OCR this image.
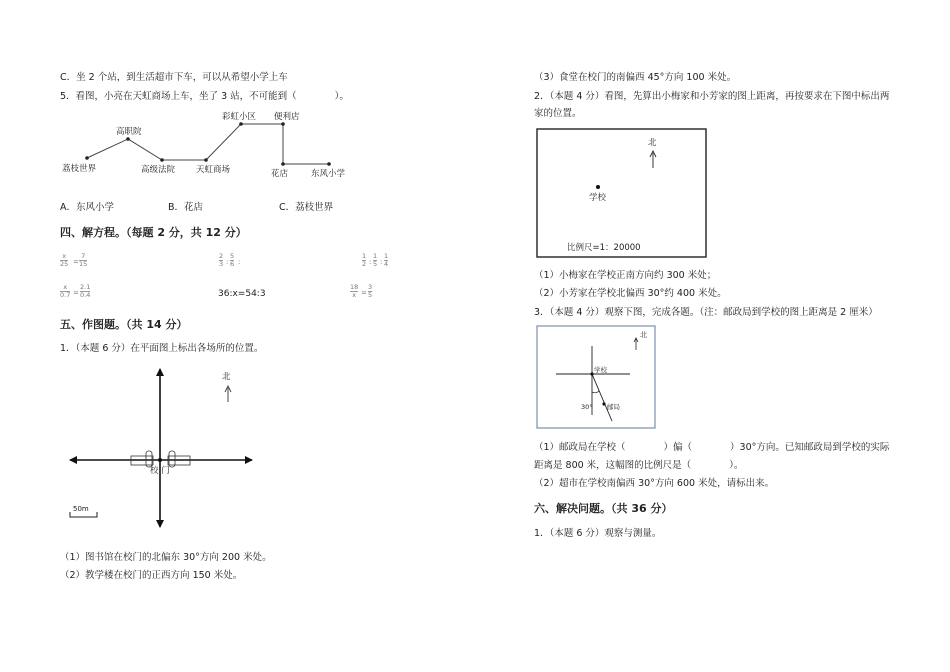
C．坐 2 个站，到生活超市下车，可以从希望小学上车
5．看图，小亮在天虹商场上车，坐了 3 站，不可能到（　　　　）。
荔枝世界
高职院
高级法院 天虹商场
彩虹小区 便利店
花店	东风小学
A．东风小学	B．花店	C．荔枝世界
四、解方程。（每题 2 分，共 12 分）
$\frac{x}{25} = \frac{7}{15}$	$\frac{2}{3}$ : $\frac{5}{6}$ :	$\frac{1}{2}$ : $\frac{1}{5}$ : $\frac{1}{4}$
$\frac{x}{0.7} = \frac{2.1}{0.4}$	36:x=54:3	$\frac{18}{x} = \frac{3}{5}$
五、作图题。（共 14 分）
1．（本题 6 分）在平面图上标出各场所的位置。
北
校 门
50m
（1）图书馆在校门的北偏东 30°方向 200 米处。
（2）教学楼在校门的正西方向 150 米处。
（3）食堂在校门的南偏西 45°方向 100 米处。
2．（本题 4 分）看图，先算出小梅家和小芳家的图上距离，再按要求在下图中标出两
家的位置。
北
学校
比例尺=1：20000
（1）小梅家在学校正南方向约 300 米处；
（2）小芳家在学校北偏西 30°约 400 米处。
3．（本题 4 分）观察下图，完成各题。（注：邮政局到学校的图上距离是 2 厘米）
北
学校
邮局
30°
（1）邮政局在学校（　　　　）偏（　　　　）30°方向。已知邮政局到学校的实际
距离是 800 米，这幅图的比例尺是（　　　　）。
（2）超市在学校南偏西 30°方向 600 米处，请标出来。
六、解决问题。（共 36 分）
1．（本题 6 分）观察与测量。
